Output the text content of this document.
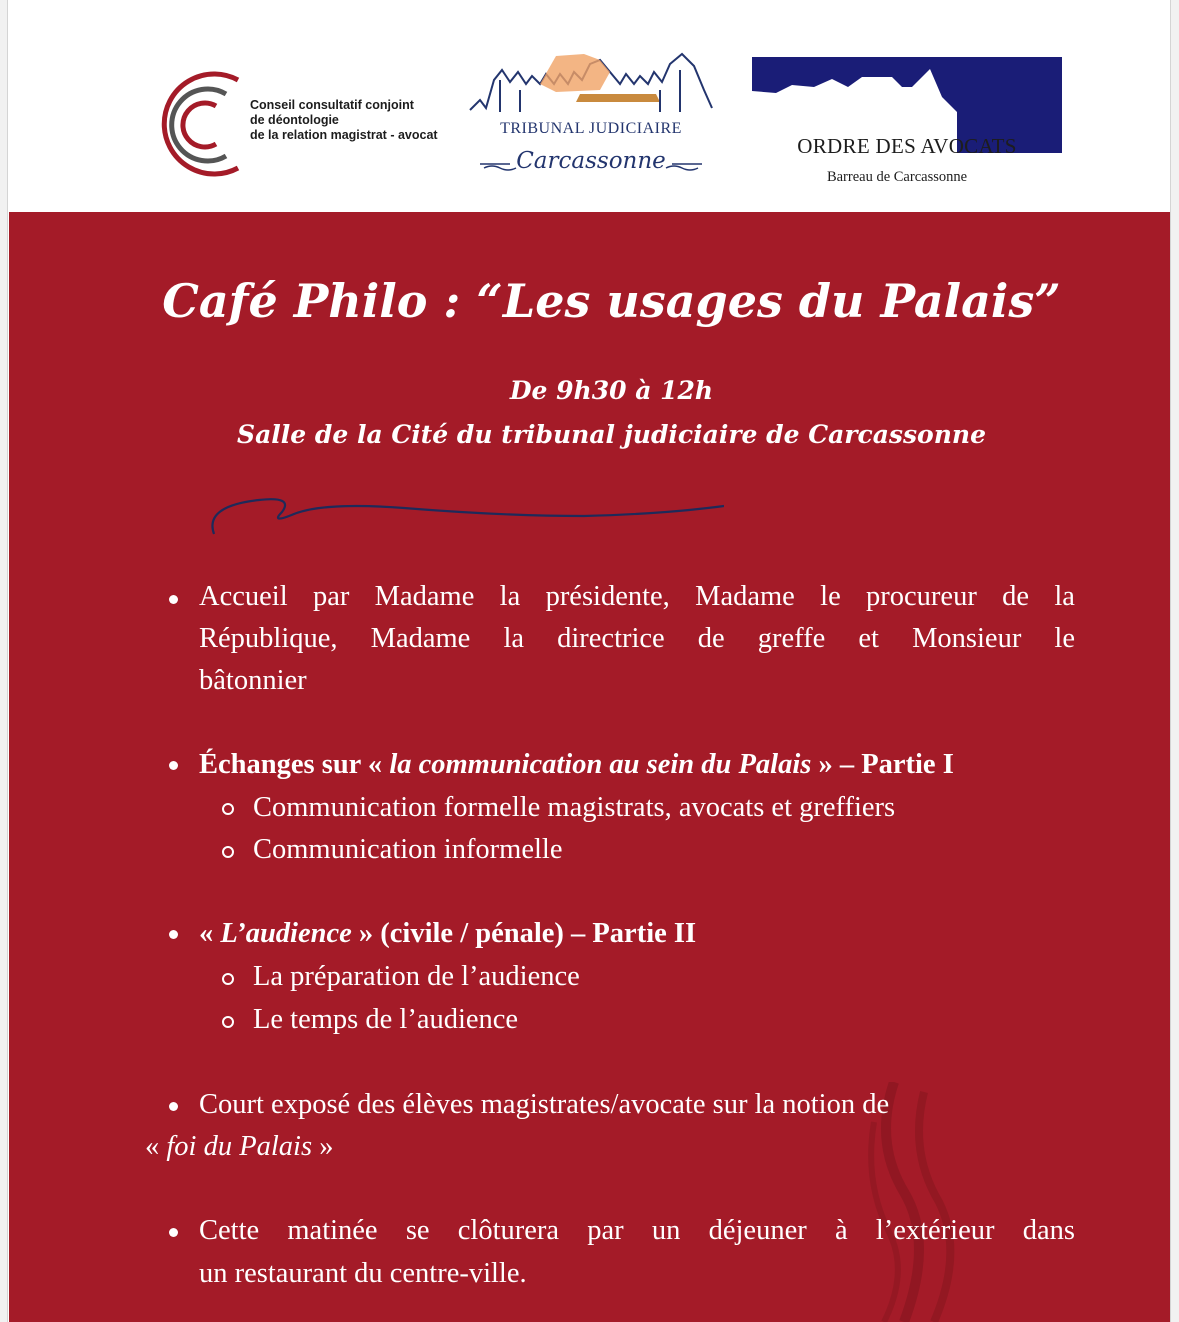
Conseil consultatif conjoint
de déontologie
de la relation magistrat - avocat	TRIBUNAL JUDICIAIRE
Carcassonne
ORDRE DES AVOCATS
Barreau de Carcassonne
Café Philo : “Les usages du Palais”
De 9h30 à 12h
Salle de la Cité du tribunal judiciaire de Carcassonne
Accueil par Madame la présidente, Madame le procureur de la
République, Madame la directrice de greffe et Monsieur le
bâtonnier
Échanges sur « la communication au sein du Palais » – Partie I
Communication formelle magistrats, avocats et greffiers
Communication informelle
« L’audience » (civile / pénale) – Partie II
La préparation de l’audience
Le temps de l’audience
Court exposé des élèves magistrates/avocate sur la notion de
« foi du Palais »
Cette matinée se clôturera par un déjeuner à l’extérieur dans
un restaurant du centre-ville.
